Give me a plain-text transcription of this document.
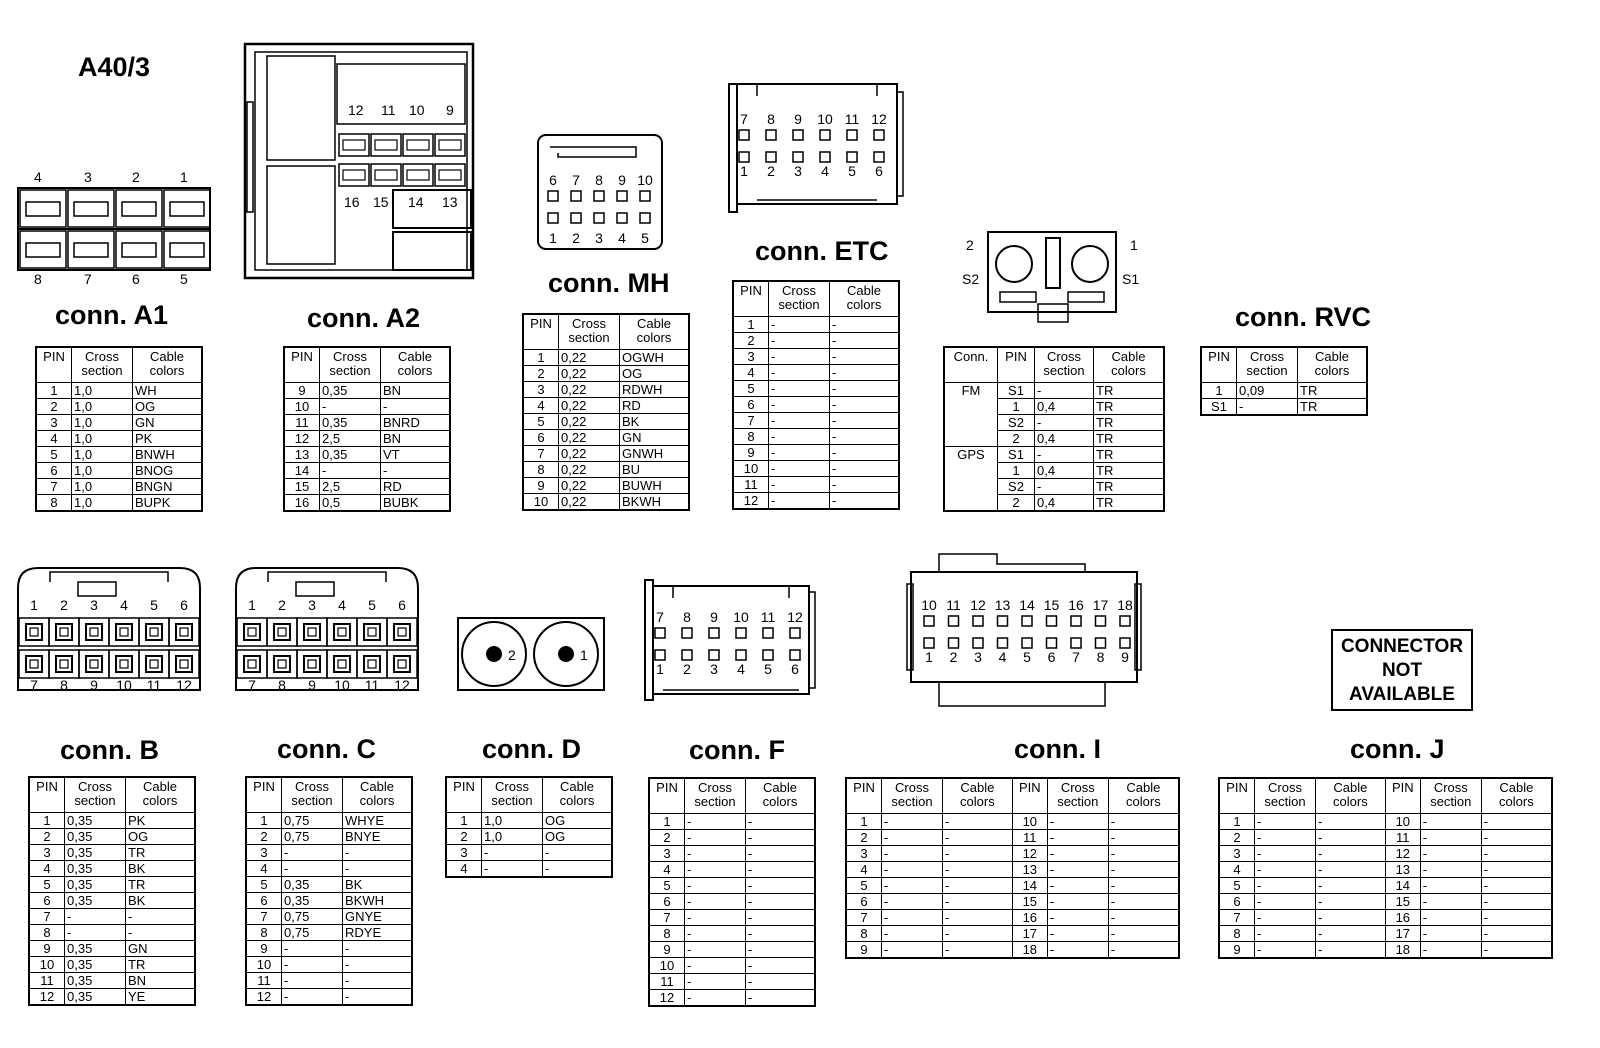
A40/3
conn. A1	conn. A2
conn. MH
conn. ETC
conn. RVC
conn. B	conn. C	conn. D	conn. F	conn. I	conn. J
CONNECTOR
NOT
AVAILABLE
4	3	2	1
8	7	6	5
12 11 10 9
16 15 14 13
6
1
7
2
8
3
9
4
10
5
7
1
8
2
9
3
10
4
11
5
12
6
2	1
S2	S1
1
7
2
8
3
9
4
10
5
11
6
12
1
7
2
8
3
9
4
10
5
11
6
12
2	1
7
1
8
2
9
3
10
4
11
5
12
6
10
1
11
2
12
3
13
4
14
5
15
6
16
7
17
8
18
9
PIN	Cross
section	Cable
colors
1	1,0	WH
2	1,0	OG
3	1,0	GN
4	1,0	PK
5	1,0	BNWH
6	1,0	BNOG
7	1,0	BNGN
8	1,0	BUPK
PIN	Cross
section	Cable
colors
9	0,35	BN
10	-	-
11	0,35	BNRD
12	2,5	BN
13	0,35	VT
14	-	-
15	2,5	RD
16	0,5	BUBK
PIN	Cross
section	Cable
colors
1	0,22	OGWH
2	0,22	OG
3	0,22	RDWH
4	0,22	RD
5	0,22	BK
6	0,22	GN
7	0,22	GNWH
8	0,22	BU
9	0,22	BUWH
10	0,22	BKWH
PIN	Cross
section	Cable
colors
1	-	-
2	-	-
3	-	-
4	-	-
5	-	-
6	-	-
7	-	-
8	-	-
9	-	-
10	-	-
11	-	-
12	-	-
PIN	Cross
section	Cable
colors
1	0,09	TR
S1	-	TR
PIN	Cross
section	Cable
colors
1	0,35	PK
2	0,35	OG
3	0,35	TR
4	0,35	BK
5	0,35	TR
6	0,35	BK
7	-	-
8	-	-
9	0,35	GN
10	0,35	TR
11	0,35	BN
12	0,35	YE
PIN	Cross
section	Cable
colors
1	0,75	WHYE
2	0,75	BNYE
3	-	-
4	-	-
5	0,35	BK
6	0,35	BKWH
7	0,75	GNYE
8	0,75	RDYE
9	-	-
10	-	-
11	-	-
12	-	-
PIN	Cross
section	Cable
colors
1	1,0	OG
2	1,0	OG
3	-	-
4	-	-
PIN	Cross
section	Cable
colors
1	-	-
2	-	-
3	-	-
4	-	-
5	-	-
6	-	-
7	-	-
8	-	-
9	-	-
10	-	-
11	-	-
12	-	-
PIN	Cross
section	Cable
colors	PIN	Cross
section	Cable
colors
1	-	-	10	-	-
2	-	-	11	-	-
3	-	-	12	-	-
4	-	-	13	-	-
5	-	-	14	-	-
6	-	-	15	-	-
7	-	-	16	-	-
8	-	-	17	-	-
9	-	-	18	-	-
PIN	Cross
section	Cable
colors	PIN	Cross
section	Cable
colors
1	-	-	10	-	-
2	-	-	11	-	-
3	-	-	12	-	-
4	-	-	13	-	-
5	-	-	14	-	-
6	-	-	15	-	-
7	-	-	16	-	-
8	-	-	17	-	-
9	-	-	18	-	-
Conn.	PIN	Cross
section	Cable
colors
FM	S1	-	TR
	1	0,4	TR
	S2	-	TR
	2	0,4	TR
GPS	S1	-	TR
	1	0,4	TR
	S2	-	TR
	2	0,4	TR
